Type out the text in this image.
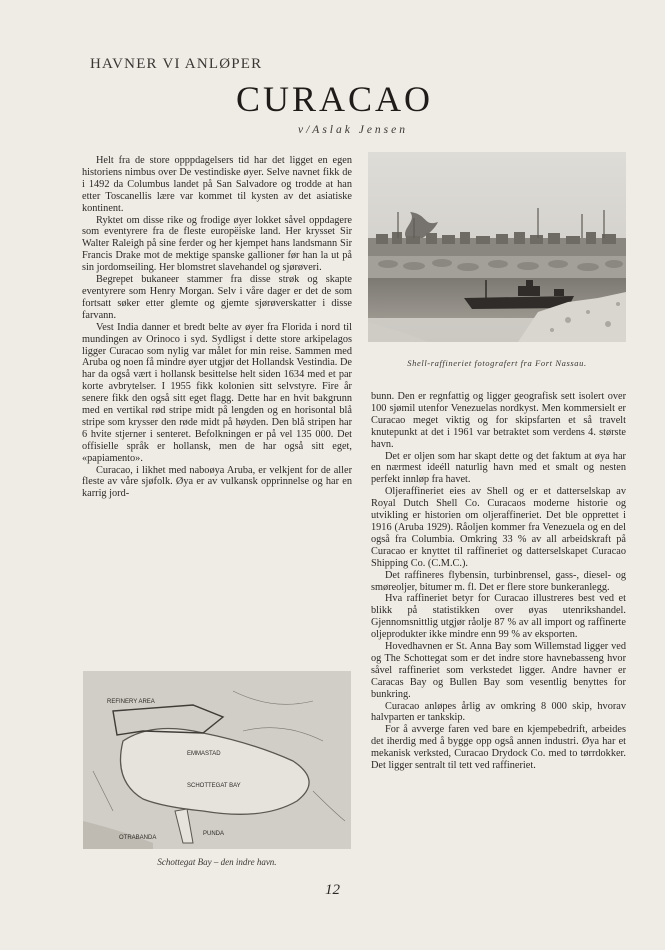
HAVNER VI ANLØPER
CURACAO
v/Aslak Jensen

Helt fra de store opppdagelsers tid har det ligget en egen historiens nimbus over De vestindiske øyer. Selve navnet fikk de i 1492 da Columbus landet på San Salvadore og trodde at han etter Toscanellis lære var kommet til kysten av det asiatiske kontinent.

Ryktet om disse rike og frodige øyer lokket såvel oppdagere som eventyrere fra de fleste europëiske land. Her krysset Sir Walter Raleigh på sine ferder og her kjempet hans landsmann Sir Francis Drake mot de mektige spanske gallioner før han la ut på sin jordomseiling. Her blomstret slavehandel og sjørøveri.

Begrepet bukaneer stammer fra disse strøk og skapte eventyrere som Henry Morgan. Selv i våre dager er det de som fortsatt søker etter glemte og gjemte sjørøverskatter i disse farvann.

Vest India danner et bredt belte av øyer fra Florida i nord til mundingen av Orinoco i syd. Sydligst i dette store arkipelagos ligger Curacao som nylig var målet for min reise. Sammen med Aruba og noen få mindre øyer utgjør det Hollandsk Vestindia. De har da også vært i hollansk besittelse helt siden 1634 med et par korte avbrytelser. I 1955 fikk kolonien sitt selvstyre. Fire år senere fikk den også sitt eget flagg. Dette har en hvit bakgrunn med en vertikal rød stripe midt på lengden og en horisontal blå stripe som krysser den røde midt på høyden. Den blå stripen har 6 hvite stjerner i senteret. Befolkningen er på vel 135 000. Det offisielle språk er hollansk, men de har også sitt eget, «papiamento».

Curacao, i likhet med naboøya Aruba, er velkjent for de aller fleste av våre sjøfolk. Øya er av vulkansk opprinnelse og har en karrig jord-

Shell-raffineriet fotografert fra Fort Nassau.

bunn. Den er regnfattig og ligger geografisk sett isolert over 100 sjømil utenfor Venezuelas nordkyst. Men kommersielt er Curacao meget viktig og for skipsfarten et så travelt knutepunkt at det i 1961 var betraktet som verdens 4. største havn.

Det er oljen som har skapt dette og det faktum at øya har en nærmest ideéll naturlig havn med et smalt og nesten perfekt innløp fra havet.

Oljeraffineriet eies av Shell og er et datterselskap av Royal Dutch Shell Co. Curacaos moderne historie og utvikling er historien om oljeraffineriet. Det ble opprettet i 1916 (Aruba 1929). Råoljen kommer fra Venezuela og en del også fra Columbia. Omkring 33 % av all arbeidskraft på Curacao er knyttet til raffineriet og datterselskapet Curacao Shipping Co. (C.M.C.).

Det raffineres flybensin, turbinbrensel, gass-, diesel- og smøreoljer, bitumer m. fl. Det er flere store bunkeranlegg.

Hva raffineriet betyr for Curacao illustreres best ved et blikk på statistikken over øyas utenrikshandel. Gjennomsnittlig utgjør råolje 87 % av all import og raffinerte oljeprodukter ikke mindre enn 99 % av eksporten.

Hovedhavnen er St. Anna Bay som Willemstad ligger ved og The Schottegat som er det indre store havnebasseng hvor såvel raffineriet som verkstedet ligger. Andre havner er Caracas Bay og Bullen Bay som vesentlig benyttes for bunkring.

Curacao anløpes årlig av omkring 8 000 skip, hvorav halvparten er tankskip.

For å avverge faren ved bare en kjempebedrift, arbeides det iherdig med å bygge opp også annen industri. Øya har et mekanisk verksted, Curacao Drydock Co. med to tørrdokker. Det ligger sentralt til tett ved raffineriet.

REFINERY AREA
EMMASTAD
SCHOTTEGAT BAY
OTRABANDA
PUNDA
Schottegat Bay – den indre havn.
12
